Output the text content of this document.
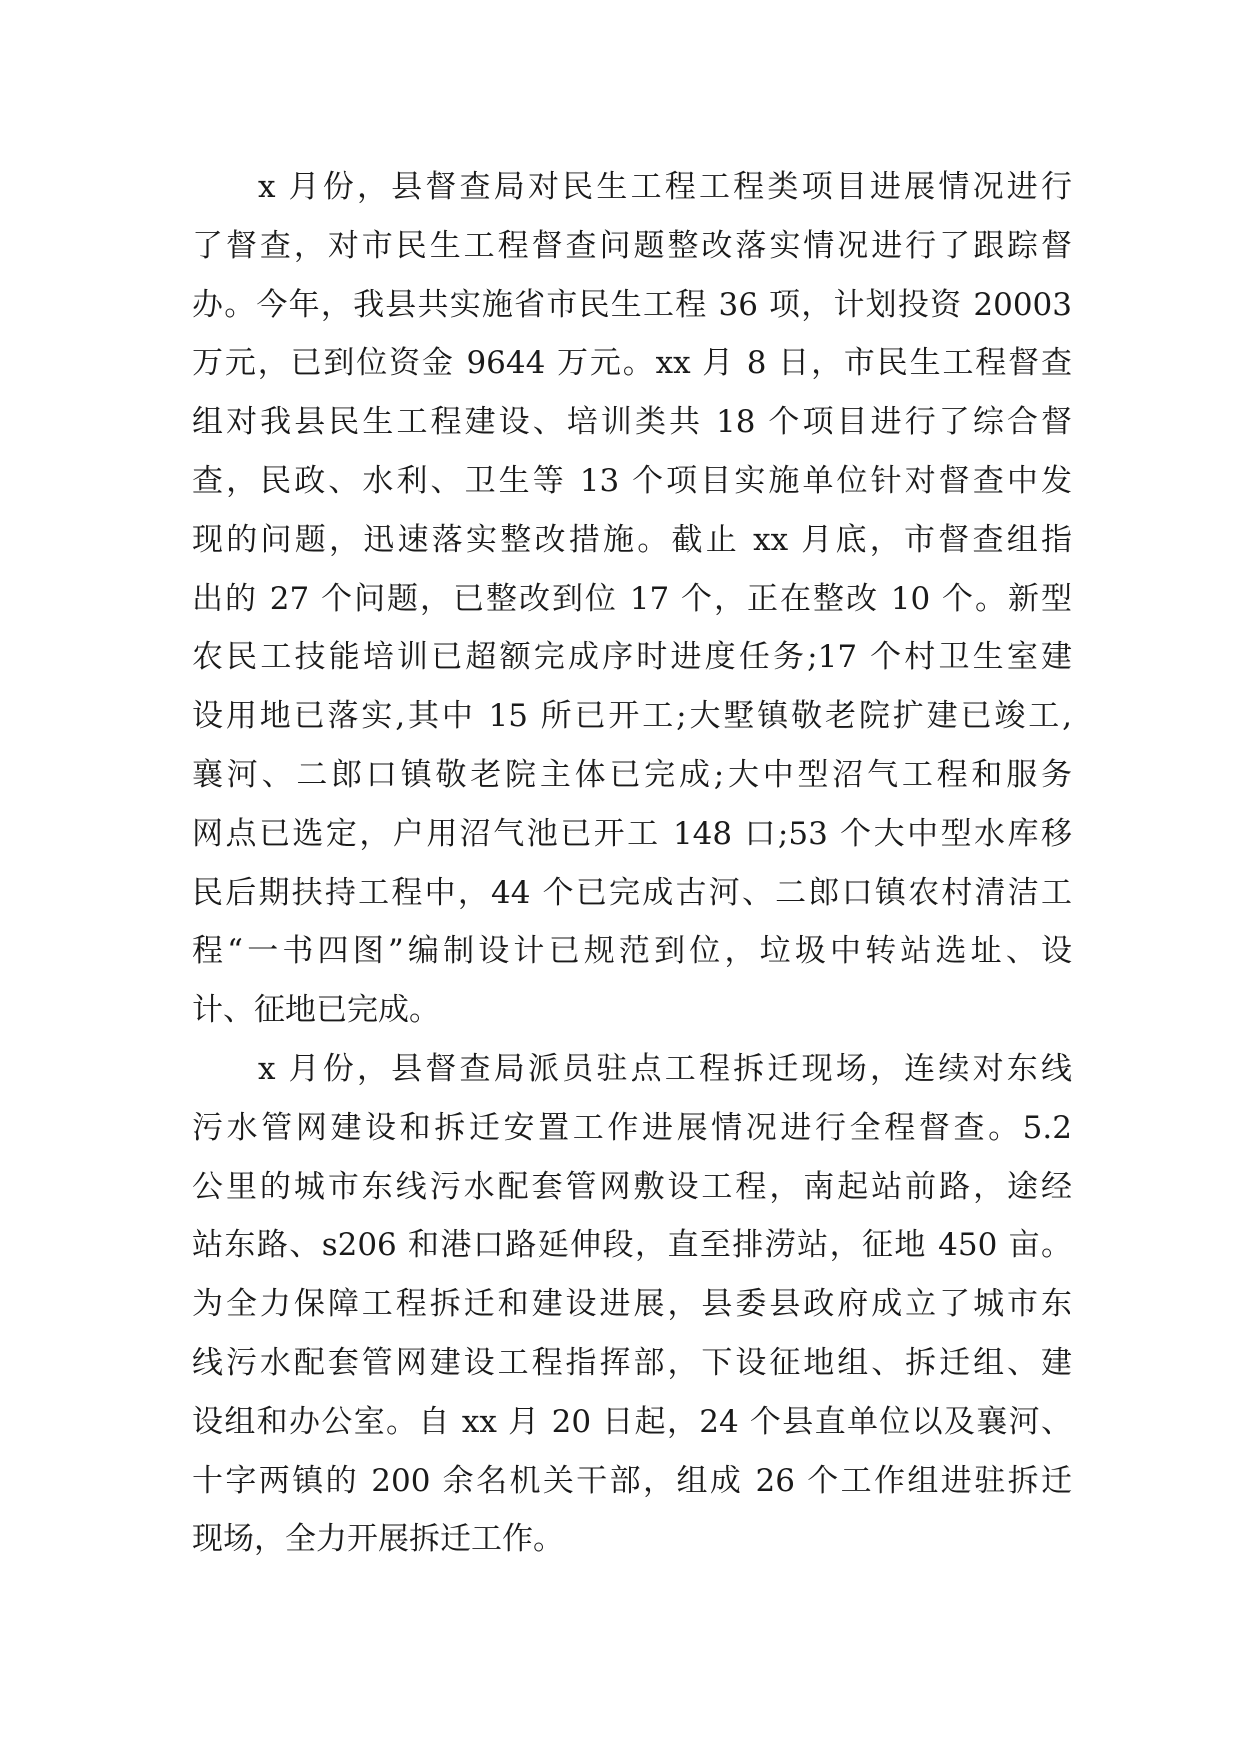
x 月份，县督查局对民生工程工程类项目进展情况进行
了督查，对市民生工程督查问题整改落实情况进行了跟踪督
办。今年，我县共实施省市民生工程 36 项，计划投资 20003
万元，已到位资金 9644 万元。xx 月 8 日，市民生工程督查
组对我县民生工程建设、培训类共 18 个项目进行了综合督
查，民政、水利、卫生等 13 个项目实施单位针对督查中发
现的问题，迅速落实整改措施。截止 xx 月底，市督查组指
出的 27 个问题，已整改到位 17 个，正在整改 10 个。新型
农民工技能培训已超额完成序时进度任务;17 个村卫生室建
设用地已落实,其中 15 所已开工;大墅镇敬老院扩建已竣工,
襄河、二郎口镇敬老院主体已完成;大中型沼气工程和服务
网点已选定，户用沼气池已开工 148 口;53 个大中型水库移
民后期扶持工程中，44 个已完成古河、二郎口镇农村清洁工
程“一书四图”编制设计已规范到位，垃圾中转站选址、设
计、征地已完成。
x 月份，县督查局派员驻点工程拆迁现场，连续对东线
污水管网建设和拆迁安置工作进展情况进行全程督查。5.2
公里的城市东线污水配套管网敷设工程，南起站前路，途经
站东路、s206 和港口路延伸段，直至排涝站，征地 450 亩。
为全力保障工程拆迁和建设进展，县委县政府成立了城市东
线污水配套管网建设工程指挥部，下设征地组、拆迁组、建
设组和办公室。自 xx 月 20 日起，24 个县直单位以及襄河、
十字两镇的 200 余名机关干部，组成 26 个工作组进驻拆迁
现场，全力开展拆迁工作。
